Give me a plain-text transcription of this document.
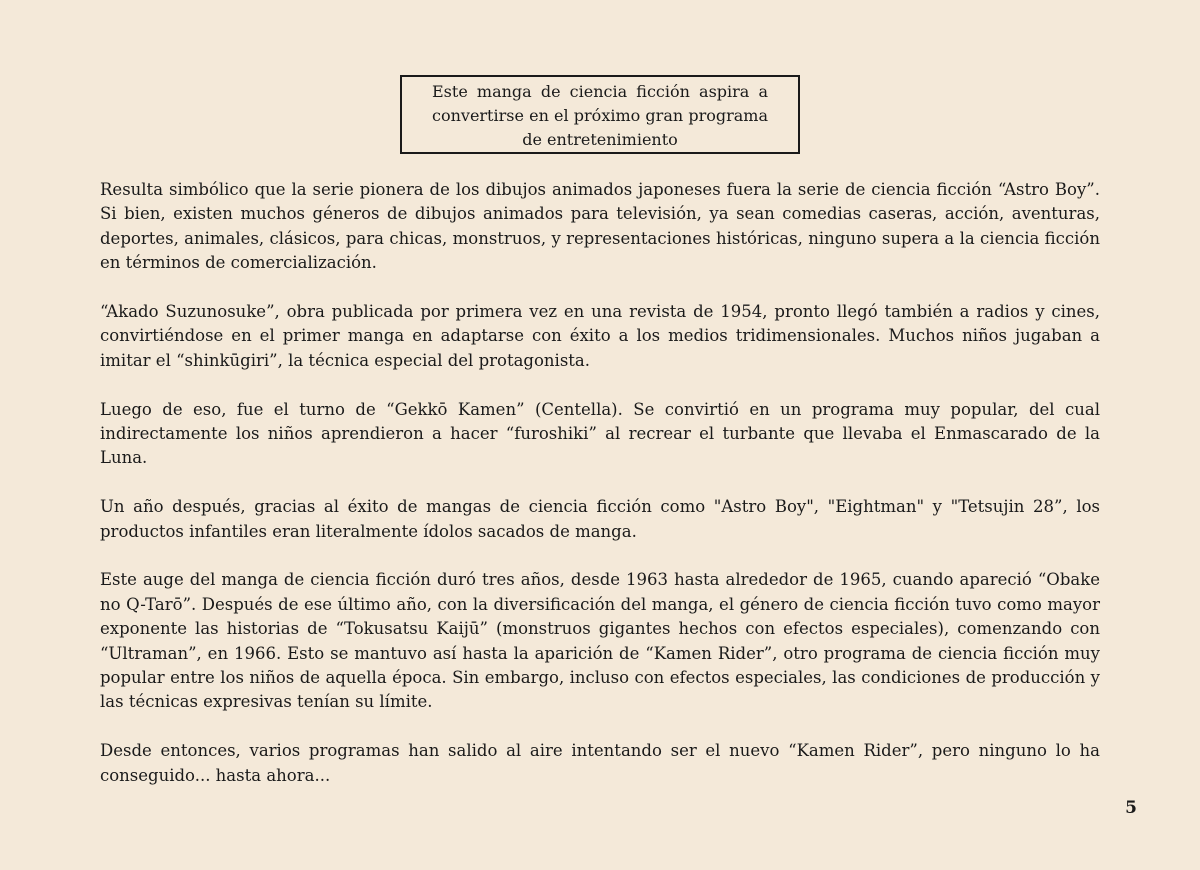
Este manga de ciencia ficción aspira a convertirse en el próximo gran programa de entretenimiento

Resulta simbólico que la serie pionera de los dibujos animados japoneses fuera la serie de ciencia ficción “Astro Boy”. Si bien, existen muchos géneros de dibujos animados para televisión, ya sean comedias caseras, acción, aventuras, deportes, animales, clásicos, para chicas, monstruos, y representaciones históricas, ninguno supera a la ciencia ficción en términos de comercialización.

“Akado Suzunosuke”, obra publicada por primera vez en una revista de 1954, pronto llegó también a radios y cines, convirtiéndose en el primer manga en adaptarse con éxito a los medios tridimensionales. Muchos niños jugaban a imitar el “shinkūgiri”, la técnica especial del protagonista.

Luego de eso, fue el turno de “Gekkō Kamen” (Centella). Se convirtió en un programa muy popular, del cual indirectamente los niños aprendieron a hacer “furoshiki” al recrear el turbante que llevaba el Enmascarado de la Luna.

Un año después, gracias al éxito de mangas de ciencia ficción como "Astro Boy", "Eightman" y "Tetsujin 28”, los productos infantiles eran literalmente ídolos sacados de manga.

Este auge del manga de ciencia ficción duró tres años, desde 1963 hasta alrededor de 1965, cuando apareció “Obake no Q-Tarō”. Después de ese último año, con la diversificación del manga, el género de ciencia ficción tuvo como mayor exponente las historias de “Tokusatsu Kaijū” (monstruos gigantes hechos con efectos especiales), comenzando con “Ultraman”, en 1966. Esto se mantuvo así hasta la aparición de “Kamen Rider”, otro programa de ciencia ficción muy popular entre los niños de aquella época. Sin embargo, incluso con efectos especiales, las condiciones de producción y las técnicas expresivas tenían su límite.

Desde entonces, varios programas han salido al aire intentando ser el nuevo “Kamen Rider”, pero ninguno lo ha conseguido... hasta ahora...

5
